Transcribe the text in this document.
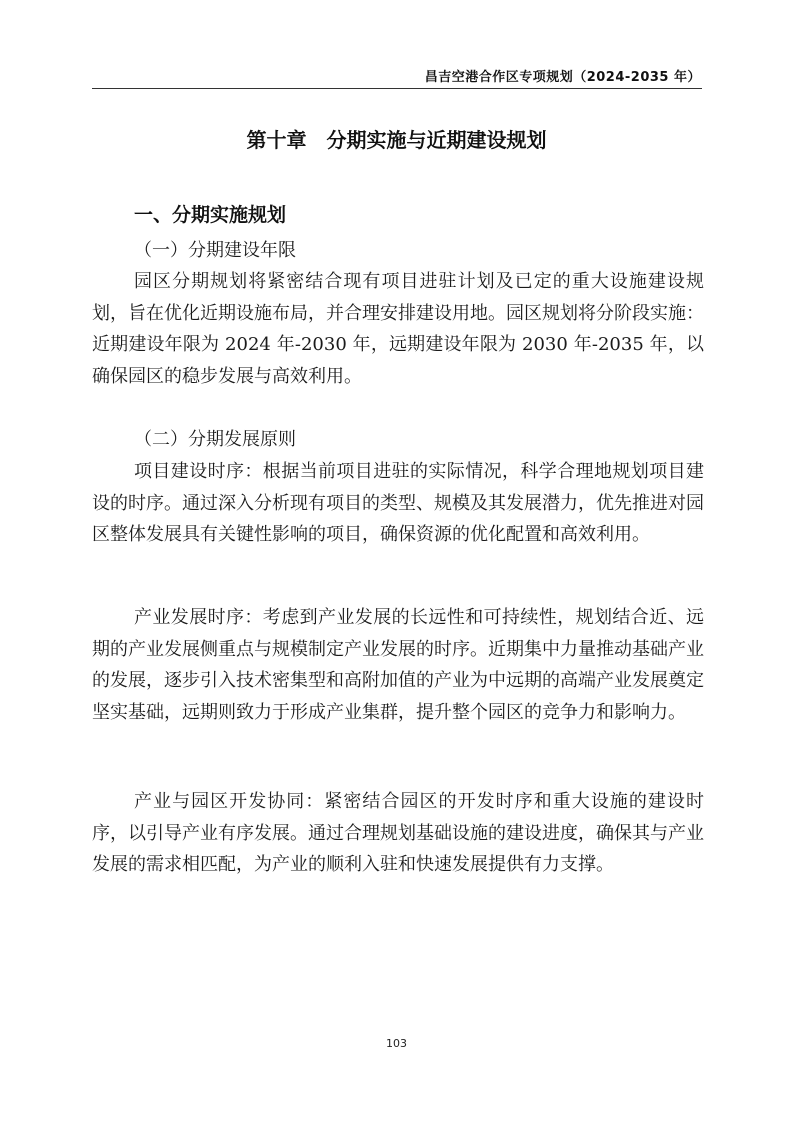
昌吉空港合作区专项规划（2024-2035 年）
第十章　分期实施与近期建设规划
一、分期实施规划
（一）分期建设年限

园区分期规划将紧密结合现有项目进驻计划及已定的重大设施建设规划，旨在优化近期设施布局，并合理安排建设用地。园区规划将分阶段实施：近期建设年限为 2024 年-2030 年，远期建设年限为 2030 年-2035 年，以确保园区的稳步发展与高效利用。

（二）分期发展原则

项目建设时序：根据当前项目进驻的实际情况，科学合理地规划项目建设的时序。通过深入分析现有项目的类型、规模及其发展潜力，优先推进对园区整体发展具有关键性影响的项目，确保资源的优化配置和高效利用。

产业发展时序：考虑到产业发展的长远性和可持续性，规划结合近、远期的产业发展侧重点与规模制定产业发展的时序。近期集中力量推动基础产业的发展，逐步引入技术密集型和高附加值的产业为中远期的高端产业发展奠定坚实基础，远期则致力于形成产业集群，提升整个园区的竞争力和影响力。

产业与园区开发协同：紧密结合园区的开发时序和重大设施的建设时序，以引导产业有序发展。通过合理规划基础设施的建设进度，确保其与产业发展的需求相匹配，为产业的顺利入驻和快速发展提供有力支撑。

103
